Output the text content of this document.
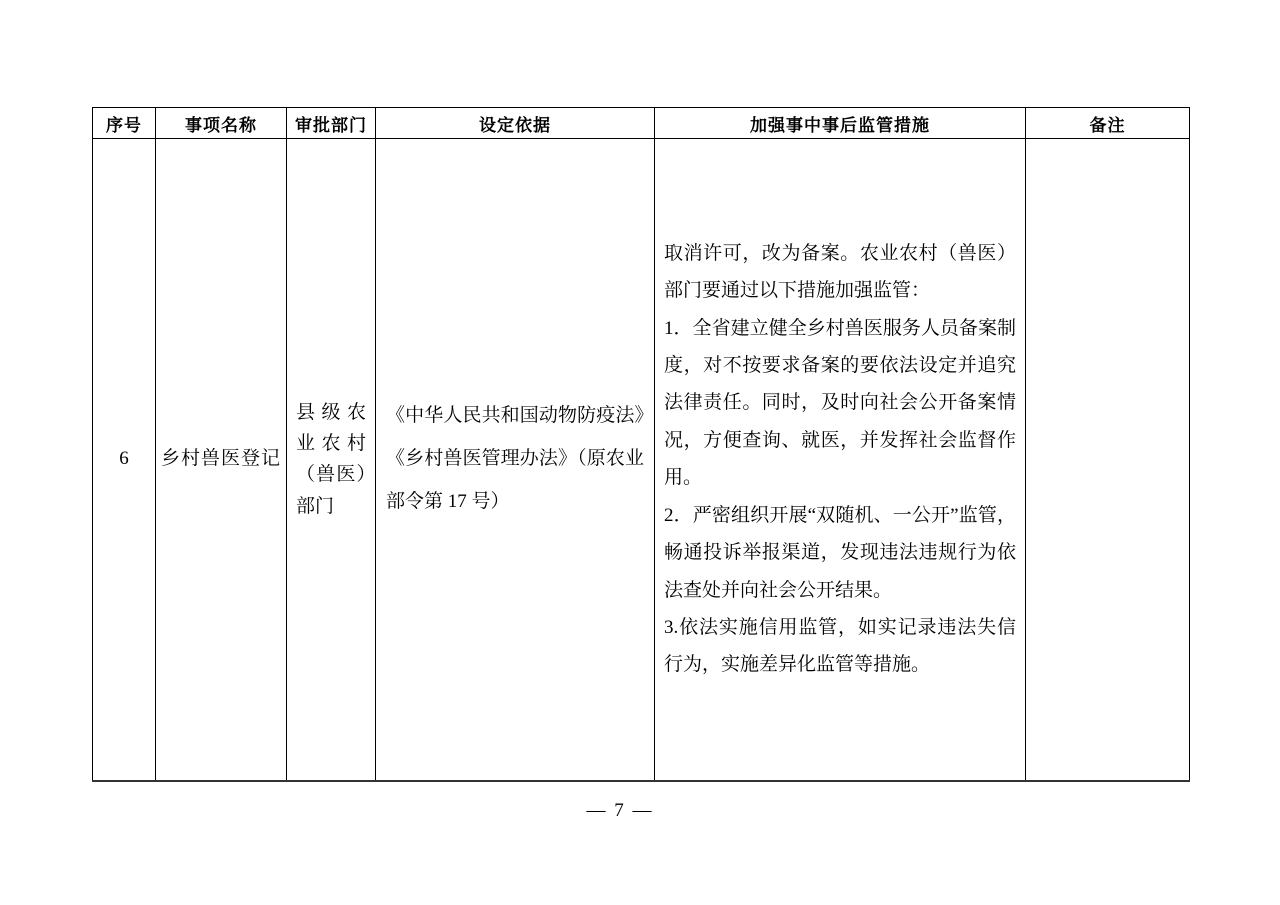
序号	事项名称	审批部门	设定依据	加强事中事后监管措施	备注
6	乡村兽医登记	县级农业农村（兽医）部门	《中华人民共和国动物防疫法》《乡村兽医管理办法》（原农业部令第 17 号）	取消许可，改为备案。农业农村（兽医）部门要通过以下措施加强监管：

1．全省建立健全乡村兽医服务人员备案制度，对不按要求备案的要依法设定并追究法律责任。同时，及时向社会公开备案情况，方便查询、就医，并发挥社会监督作用。

2．严密组织开展“双随机、一公开”监管，畅通投诉举报渠道，发现违法违规行为依法查处并向社会公开结果。

3.依法实施信用监管，如实记录违法失信行为，实施差异化监管等措施。	

— 7 —
